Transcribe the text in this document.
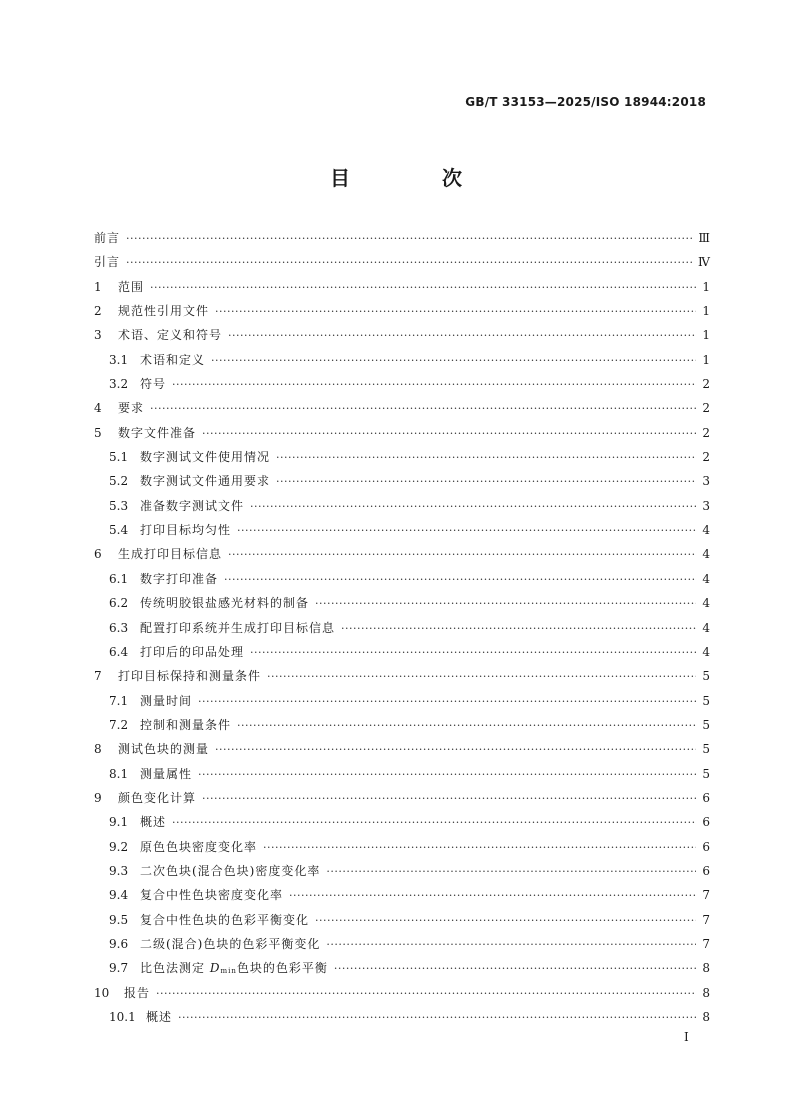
GB/T 33153—2025/ISO 18944:2018
目　次
前言 ·····	Ⅲ
引言 ·····	Ⅳ
1	范围 ·····	1
2	规范性引用文件 ·····	1
3	术语、定义和符号 ·····	1
3.1 术语和定义 ·····	1
3.2 符号 ·····	2
4	要求 ·····	2
5	数字文件准备 ·····	2
5.1 数字测试文件使用情况 ·····	2
5.2 数字测试文件通用要求 ·····	3
5.3 准备数字测试文件 ·····	3
5.4 打印目标均匀性 ·····	4
6	生成打印目标信息 ·····	4
6.1 数字打印准备 ·····	4
6.2 传统明胶银盐感光材料的制备 ·····	4
6.3 配置打印系统并生成打印目标信息 ·····	4
6.4 打印后的印品处理 ·····	4
7	打印目标保持和测量条件 ·····	5
7.1 测量时间 ·····	5
7.2 控制和测量条件 ·····	5
8	测试色块的测量 ·····	5
8.1 测量属性 ·····	5
9	颜色变化计算 ·····	6
9.1 概述 ·····	6
9.2 原色色块密度变化率 ·····	6
9.3 二次色块(混合色块)密度变化率 ·····	6
9.4 复合中性色块密度变化率 ·····	7
9.5 复合中性色块的色彩平衡变化 ·····	7
9.6 二级(混合)色块的色彩平衡变化 ·····	7
9.7 比色法测定 $D_{min}$色块的色彩平衡 ·····	8
10	报告 ·····	8
10.1 概述 ·····	8
Ⅰ
